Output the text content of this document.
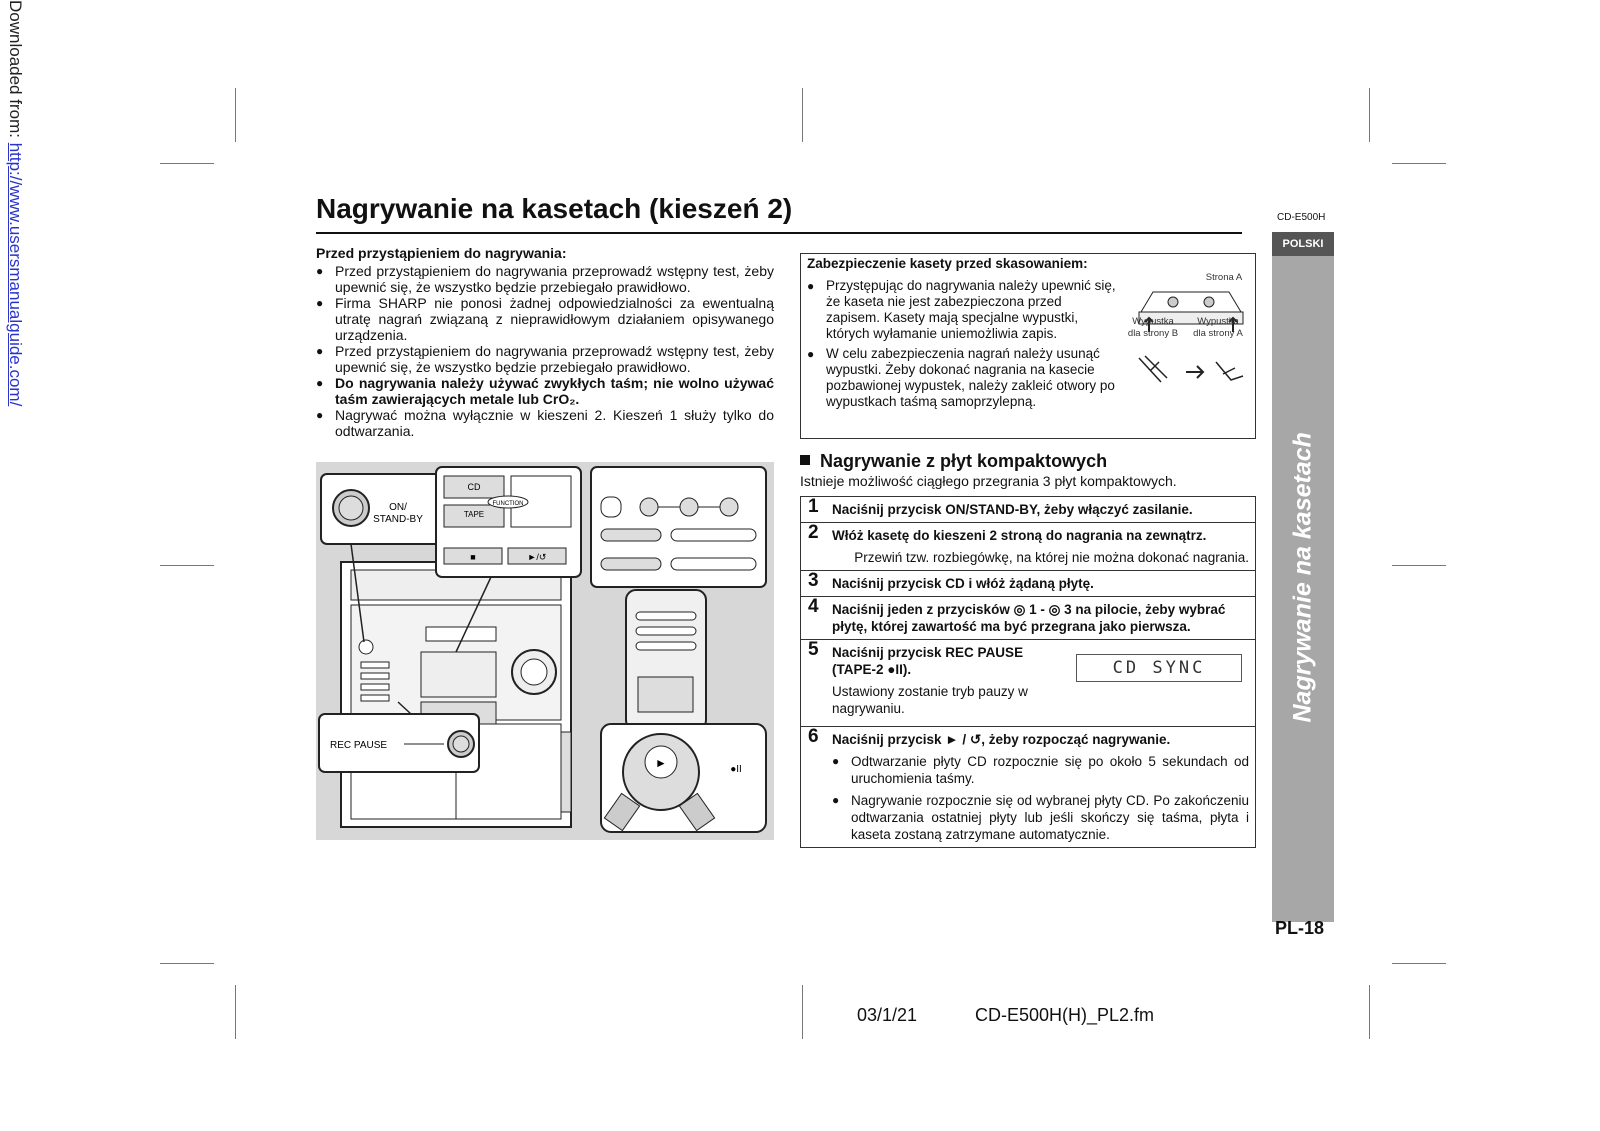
Downloaded from: http://www.usersmanualguide.com/	Nagrywanie na kasetach (kieszeń 2)	CD-E500H
POLSKI
Nagrywanie na kasetach
PL-18
Przed przystąpieniem do nagrywania:
● Przed przystąpieniem do nagrywania przeprowadź wstępny test, żeby upewnić się, że wszystko będzie przebiegało prawidłowo.
● Firma SHARP nie ponosi żadnej odpowiedzialności za ewentualną utratę nagrań związaną z nieprawidłowym działaniem opisywanego urządzenia.
● Przed przystąpieniem do nagrywania przeprowadź wstępny test, żeby upewnić się, że wszystko będzie przebiegało prawidłowo.
● Do nagrywania należy używać zwykłych taśm; nie wolno używać taśm zawierających metale lub CrO₂.
● Nagrywać można wyłącznie w kieszeni 2. Kieszeń 1 służy tylko do odtwarzania.
ON/
STAND-BY
CD
TAPE
FUNCTION
■	►/↺
REC PAUSE
►	●II
Zabezpieczenie kasety przed skasowaniem:
● Przystępując do nagrywania należy upewnić się, że kaseta nie jest zabezpieczona przed zapisem. Kasety mają specjalne wypustki, których wyłamanie uniemożliwia zapis.
● W celu zabezpieczenia nagrań należy usunąć wypustki. Żeby dokonać nagrania na kasecie pozbawionej wypustek, należy zakleić otwory po wypustkach taśmą samoprzylepną.
Strona A
Wypustka
dla strony B
Wypustka
dla strony A
Nagrywanie z płyt kompaktowych
Istnieje możliwość ciągłego przegrania 3 płyt kompaktowych.
1 Naciśnij przycisk ON/STAND-BY, żeby włączyć zasilanie.
2 Włóż kasetę do kieszeni 2 stroną do nagrania na zewnątrz.
Przewiń tzw. rozbiegówkę, na której nie można dokonać nagrania.
3 Naciśnij przycisk CD i włóż żądaną płytę.
4 Naciśnij jeden z przycisków ◎ 1 - ◎ 3 na pilocie, żeby wybrać płytę, której zawartość ma być przegrana jako pierwsza.
5 Naciśnij przycisk REC PAUSE (TAPE-2 ●II).
Ustawiony zostanie tryb pauzy w nagrywaniu.
CD SYNC
6 Naciśnij przycisk ► / ↺, żeby rozpocząć nagrywanie.
● Odtwarzanie płyty CD rozpocznie się po około 5 sekundach od uruchomienia taśmy.
● Nagrywanie rozpocznie się od wybranej płyty CD. Po zakończeniu odtwarzania ostatniej płyty lub jeśli skończy się taśma, płyta i kaseta zostaną zatrzymane automatycznie.
03/1/21	CD-E500H(H)_PL2.fm
